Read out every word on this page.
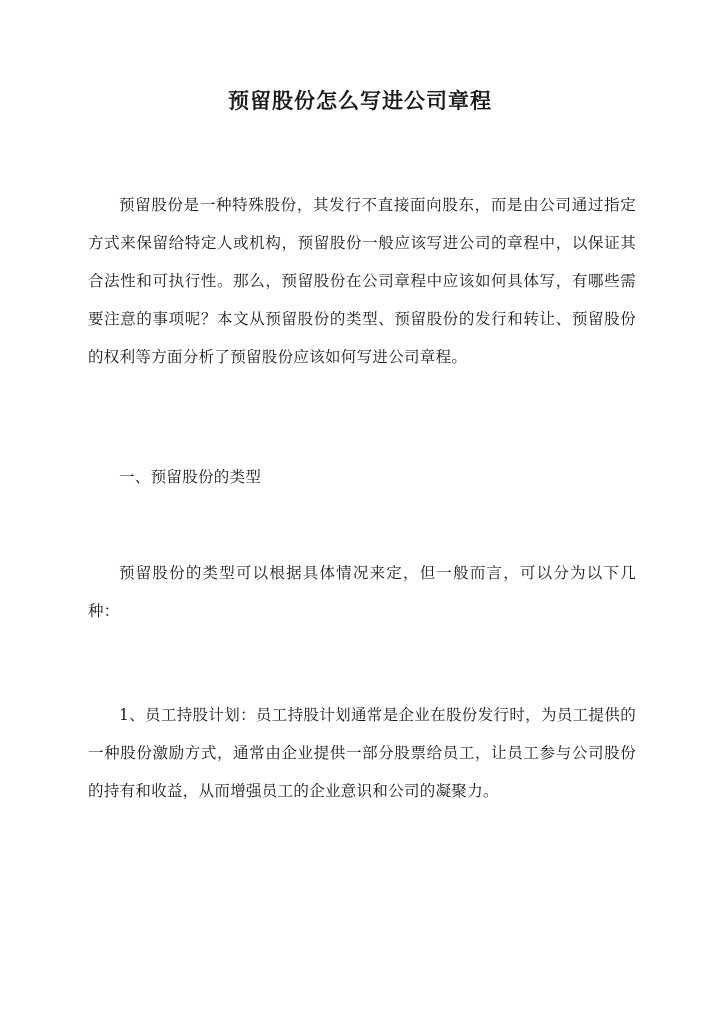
预留股份怎么写进公司章程

预留股份是一种特殊股份，其发行不直接面向股东，而是由公司通过指定方式来保留给特定人或机构，预留股份一般应该写进公司的章程中，以保证其合法性和可执行性。那么，预留股份在公司章程中应该如何具体写，有哪些需要注意的事项呢？本文从预留股份的类型、预留股份的发行和转让、预留股份的权利等方面分析了预留股份应该如何写进公司章程。

一、预留股份的类型

预留股份的类型可以根据具体情况来定，但一般而言，可以分为以下几种：

1、员工持股计划：员工持股计划通常是企业在股份发行时，为员工提供的一种股份激励方式，通常由企业提供一部分股票给员工，让员工参与公司股份的持有和收益，从而增强员工的企业意识和公司的凝聚力。
